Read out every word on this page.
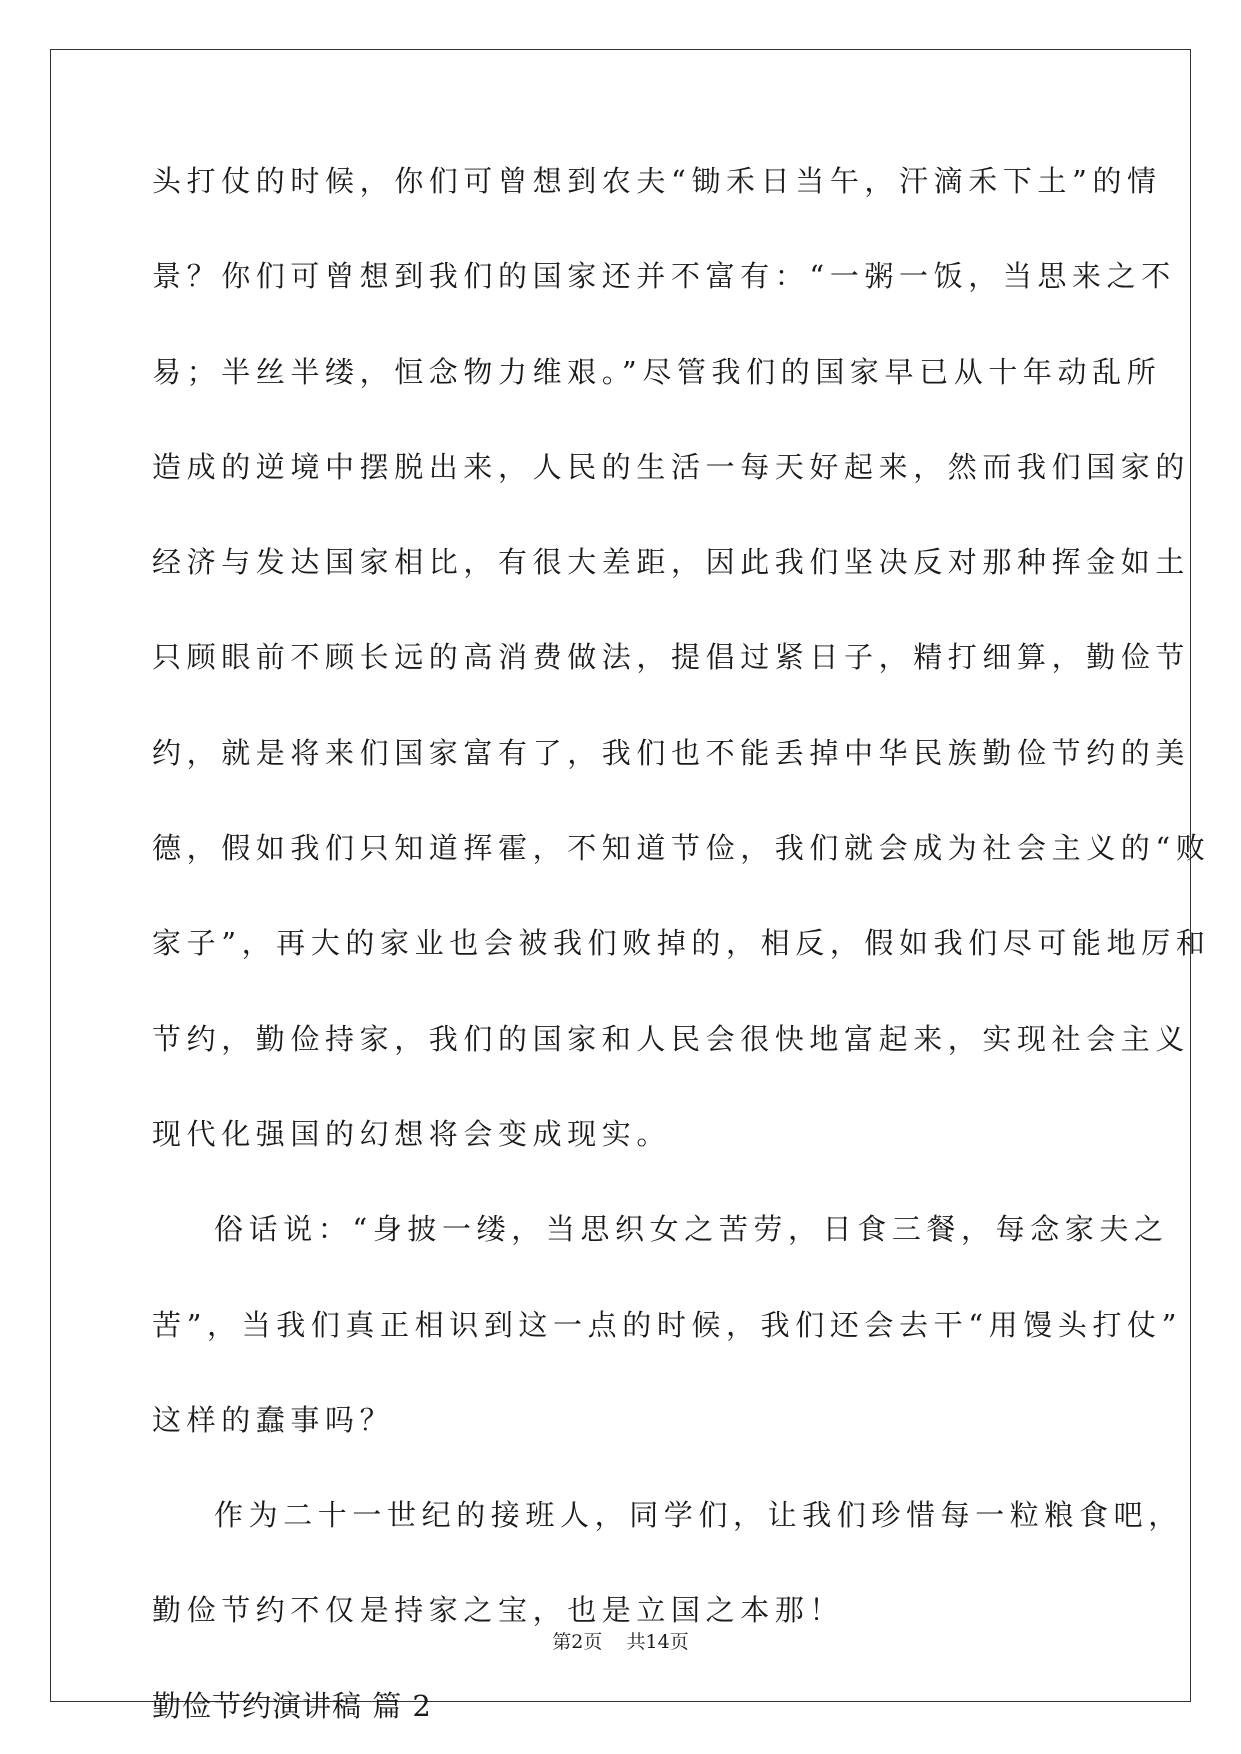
头打仗的时候，你们可曾想到农夫“锄禾日当午，汗滴禾下土”的情
景？你们可曾想到我们的国家还并不富有：“一粥一饭，当思来之不
易；半丝半缕，恒念物力维艰。”尽管我们的国家早已从十年动乱所
造成的逆境中摆脱出来，人民的生活一每天好起来，然而我们国家的
经济与发达国家相比，有很大差距，因此我们坚决反对那种挥金如土
只顾眼前不顾长远的高消费做法，提倡过紧日子，精打细算，勤俭节
约，就是将来们国家富有了，我们也不能丢掉中华民族勤俭节约的美
德，假如我们只知道挥霍，不知道节俭，我们就会成为社会主义的“败
家子”，再大的家业也会被我们败掉的，相反，假如我们尽可能地厉和
节约，勤俭持家，我们的国家和人民会很快地富起来，实现社会主义
现代化强国的幻想将会变成现实。
俗话说：“身披一缕，当思织女之苦劳，日食三餐，每念家夫之
苦”，当我们真正相识到这一点的时候，我们还会去干“用馒头打仗”
这样的蠢事吗？
作为二十一世纪的接班人，同学们，让我们珍惜每一粒粮食吧，
勤俭节约不仅是持家之宝，也是立国之本那！
勤俭节约演讲稿 篇 2
第2页    共14页
